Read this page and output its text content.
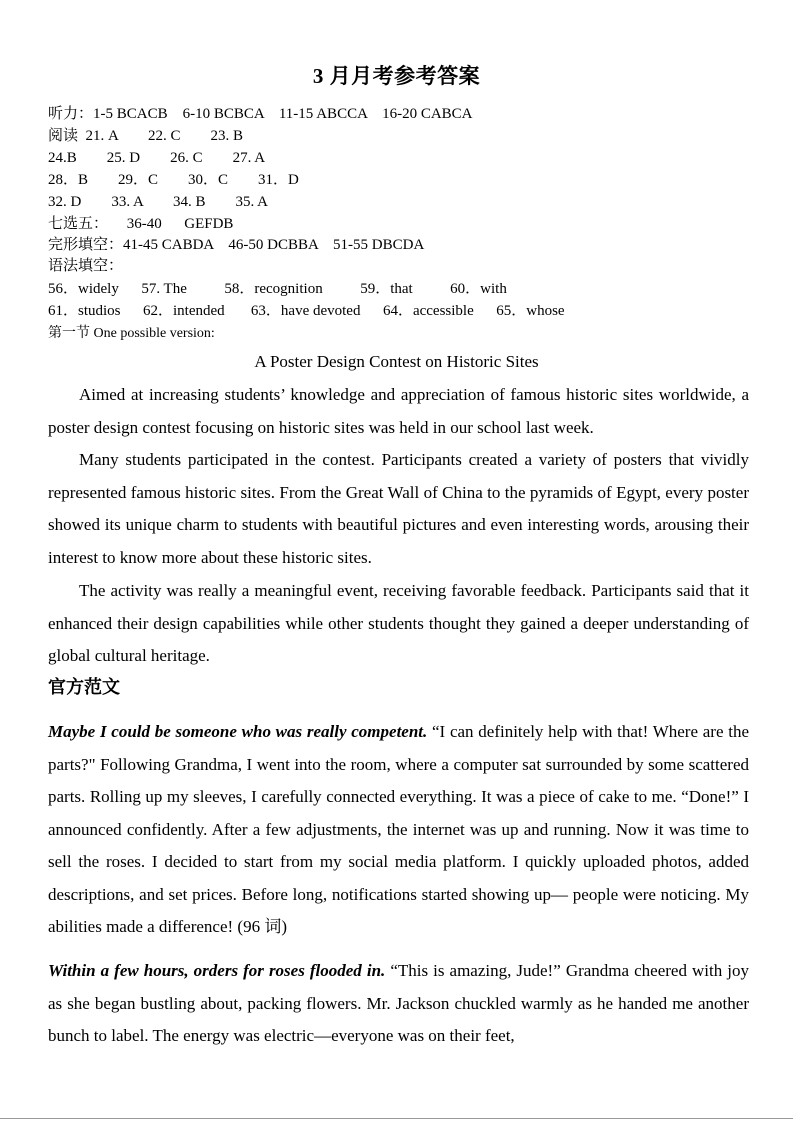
3 月月考参考答案
听力：1-5 BCACB    6-10 BCBCA    11-15 ABCCA    16-20 CABCA
阅读  21. A        22. C        23. B
24.B        25. D        26. C        27. A
28．B        29．C        30．C        31．D
32. D        33. A        34. B        35. A
七选五：     36-40      GEFDB
完形填空：41-45 CABDA    46-50 DCBBA    51-55 DBCDA
语法填空：
56．widely      57. The          58．recognition          59．that          60．with
61．studios      62．intended       63．have devoted      64．accessible      65．whose
第一节 One possible version:
A Poster Design Contest on Historic Sites

Aimed at increasing students’ knowledge and appreciation of famous historic sites worldwide, a poster design contest focusing on historic sites was held in our school last week.

Many students participated in the contest. Participants created a variety of posters that vividly represented famous historic sites. From the Great Wall of China to the pyramids of Egypt, every poster showed its unique charm to students with beautiful pictures and even interesting words, arousing their interest to know more about these historic sites.

The activity was really a meaningful event, receiving favorable feedback. Participants said that it enhanced their design capabilities while other students thought they gained a deeper understanding of global cultural heritage.

官方范文

Maybe I could be someone who was really competent. “I can definitely help with that! Where are the parts?" Following Grandma, I went into the room, where a computer sat surrounded by some scattered parts. Rolling up my sleeves, I carefully connected everything. It was a piece of cake to me. “Done!” I announced confidently. After a few adjustments, the internet was up and running. Now it was time to sell the roses. I decided to start from my social media platform. I quickly uploaded photos, added descriptions, and set prices. Before long, notifications started showing up— people were noticing. My abilities made a difference! (96 词)

Within a few hours, orders for roses flooded in. “This is amazing, Jude!” Grandma cheered with joy as she began bustling about, packing flowers. Mr. Jackson chuckled warmly as he handed me another bunch to label. The energy was electric—everyone was on their feet,
